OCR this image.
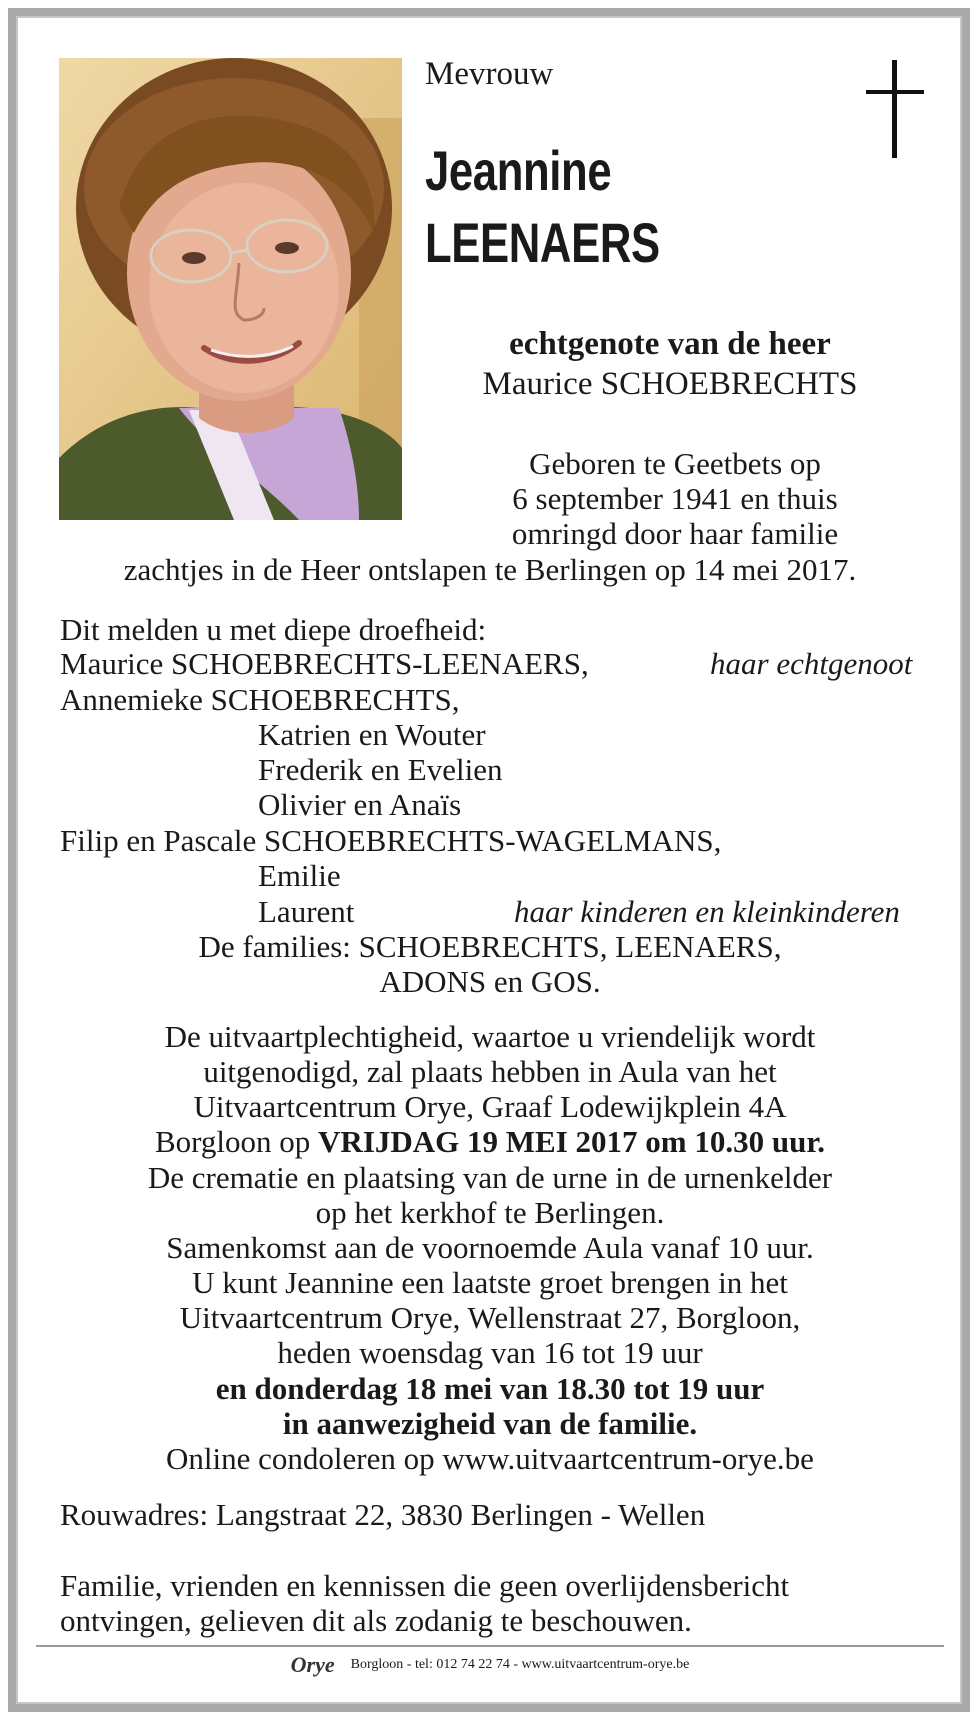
Mevrouw
Jeannine
LEENAERS
echtgenote van de heer
Maurice SCHOEBRECHTS
Geboren te Geetbets op
6 september 1941 en thuis
omringd door haar familie
zachtjes in de Heer ontslapen te Berlingen op 14 mei 2017.
Dit melden u met diepe droefheid:
Maurice SCHOEBRECHTS-LEENAERS,	haar echtgenoot
Annemieke SCHOEBRECHTS,
Katrien en Wouter
Frederik en Evelien
Olivier en Anaïs
Filip en Pascale SCHOEBRECHTS-WAGELMANS,
Emilie
Laurent	haar kinderen en kleinkinderen
De families: SCHOEBRECHTS, LEENAERS,
ADONS en GOS.
De uitvaartplechtigheid, waartoe u vriendelijk wordt
uitgenodigd, zal plaats hebben in Aula van het
Uitvaartcentrum Orye, Graaf Lodewijkplein 4A
Borgloon op VRIJDAG 19 MEI 2017 om 10.30 uur.
De crematie en plaatsing van de urne in de urnenkelder
op het kerkhof te Berlingen.
Samenkomst aan de voornoemde Aula vanaf 10 uur.
U kunt Jeannine een laatste groet brengen in het
Uitvaartcentrum Orye, Wellenstraat 27, Borgloon,
heden woensdag van 16 tot 19 uur
en donderdag 18 mei van 18.30 tot 19 uur
in aanwezigheid van de familie.
Online condoleren op www.uitvaartcentrum-orye.be
Rouwadres: Langstraat 22, 3830 Berlingen - Wellen
Familie, vrienden en kennissen die geen overlijdensbericht
ontvingen, gelieven dit als zodanig te beschouwen.
Orye Borgloon - tel: 012 74 22 74 - www.uitvaartcentrum-orye.be
